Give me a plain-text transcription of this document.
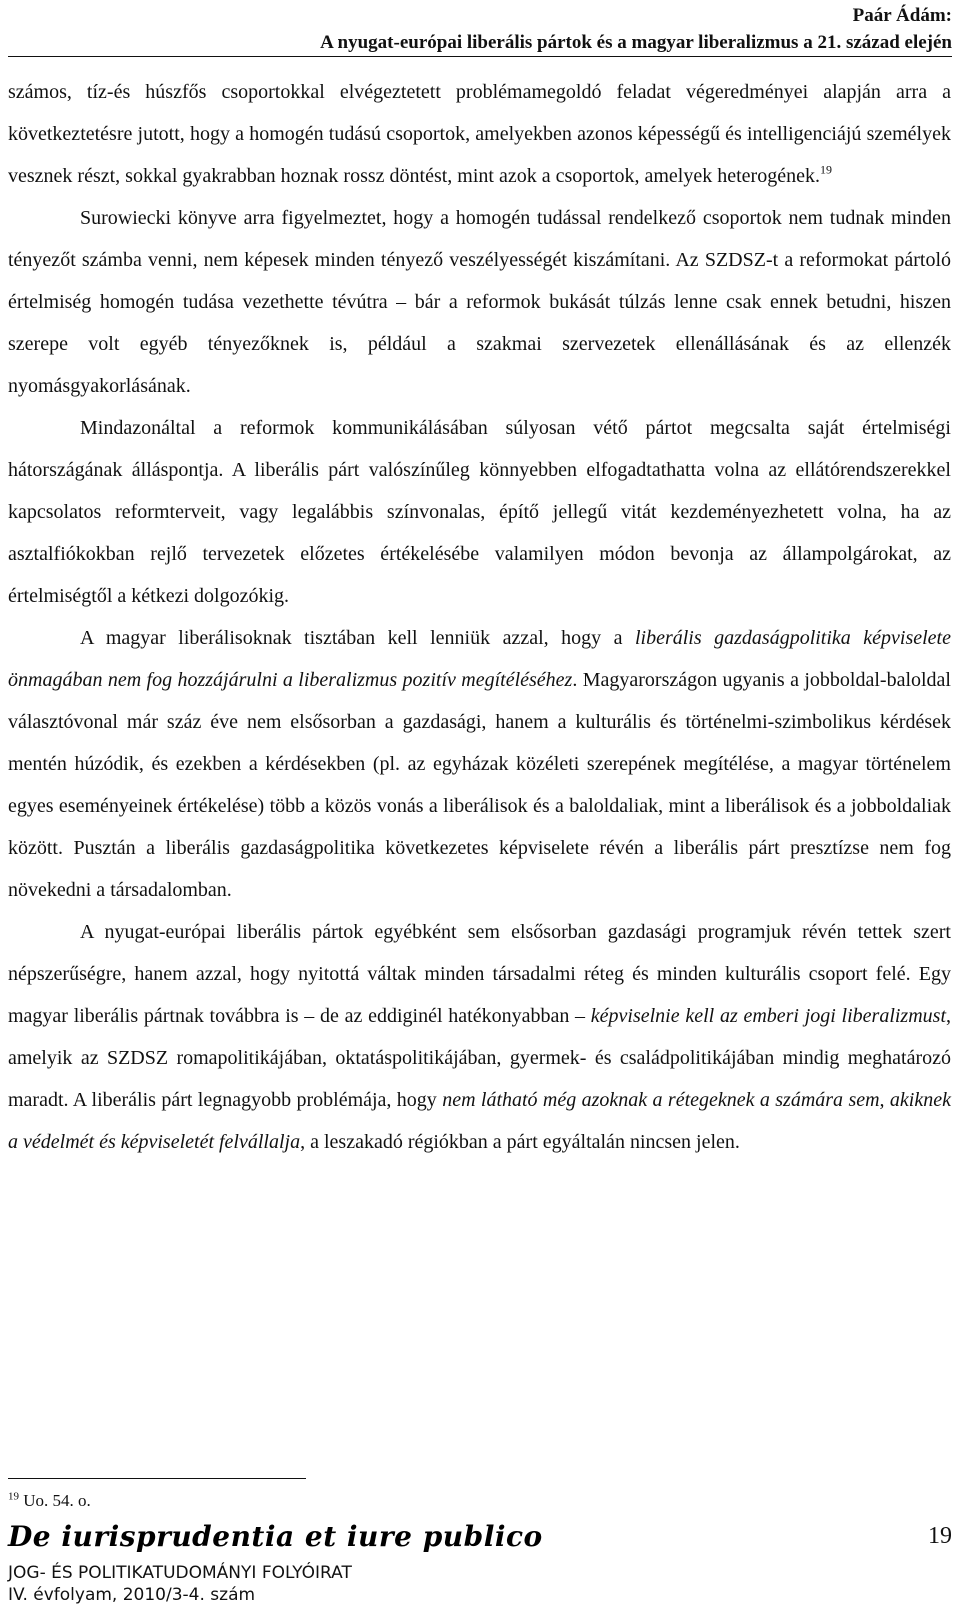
Paár Ádám:
A nyugat-európai liberális pártok és a magyar liberalizmus a 21. század elején

számos, tíz-és húszfős csoportokkal elvégeztetett problémamegoldó feladat végeredményei alapján arra a következtetésre jutott, hogy a homogén tudású csoportok, amelyekben azonos képességű és intelligenciájú személyek vesznek részt, sokkal gyakrabban hoznak rossz döntést, mint azok a csoportok, amelyek heterogének.$^{19}$

Surowiecki könyve arra figyelmeztet, hogy a homogén tudással rendelkező csoportok nem tudnak minden tényezőt számba venni, nem képesek minden tényező veszélyességét kiszámítani. Az SZDSZ-t a reformokat pártoló értelmiség homogén tudása vezethette tévútra – bár a reformok bukását túlzás lenne csak ennek betudni, hiszen szerepe volt egyéb tényezőknek is, például a szakmai szervezetek ellenállásának és az ellenzék nyomásgyakorlásának.

Mindazonáltal a reformok kommunikálásában súlyosan vétő pártot megcsalta saját értelmiségi hátországának álláspontja. A liberális párt valószínűleg könnyebben elfogadtathatta volna az ellátórendszerekkel kapcsolatos reformterveit, vagy legalábbis színvonalas, építő jellegű vitát kezdeményezhetett volna, ha az asztalfiókokban rejlő tervezetek előzetes értékelésébe valamilyen módon bevonja az állampolgárokat, az értelmiségtől a kétkezi dolgozókig.

A magyar liberálisoknak tisztában kell lenniük azzal, hogy a liberális gazdaságpolitika képviselete önmagában nem fog hozzájárulni a liberalizmus pozitív megítéléséhez. Magyarországon ugyanis a jobboldal-baloldal választóvonal már száz éve nem elsősorban a gazdasági, hanem a kulturális és történelmi-szimbolikus kérdések mentén húzódik, és ezekben a kérdésekben (pl. az egyházak közéleti szerepének megítélése, a magyar történelem egyes eseményeinek értékelése) több a közös vonás a liberálisok és a baloldaliak, mint a liberálisok és a jobboldaliak között. Pusztán a liberális gazdaságpolitika következetes képviselete révén a liberális párt presztízse nem fog növekedni a társadalomban.

A nyugat-európai liberális pártok egyébként sem elsősorban gazdasági programjuk révén tettek szert népszerűségre, hanem azzal, hogy nyitottá váltak minden társadalmi réteg és minden kulturális csoport felé. Egy magyar liberális pártnak továbbra is – de az eddiginél hatékonyabban – képviselnie kell az emberi jogi liberalizmust, amelyik az SZDSZ romapolitikájában, oktatáspolitikájában, gyermek- és családpolitikájában mindig meghatározó maradt. A liberális párt legnagyobb problémája, hogy nem látható még azoknak a rétegeknek a számára sem, akiknek a védelmét és képviseletét felvállalja, a leszakadó régiókban a párt egyáltalán nincsen jelen.

$^{19}$ Uo. 54. o.
De iurisprudentia et iure publico	19
JOG- ÉS POLITIKATUDOMÁNYI FOLYÓIRAT
IV. évfolyam, 2010/3-4. szám
